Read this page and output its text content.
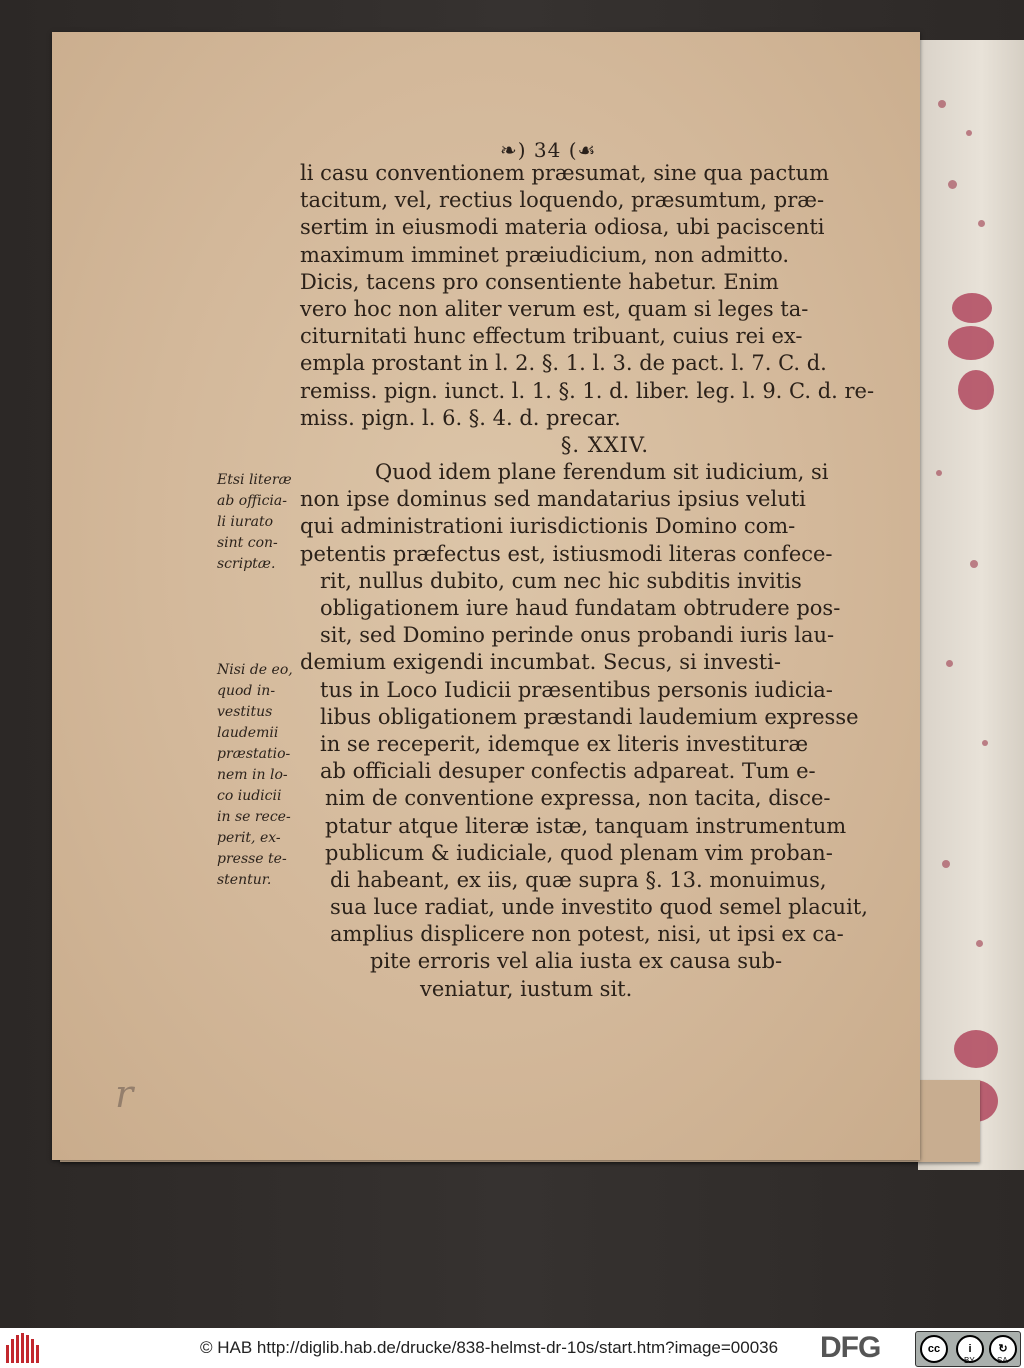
❧) 34 (☙
li casu conventionem præsumat, sine qua pactum
tacitum, vel, rectius loquendo, præsumtum, præ-
sertim in eiusmodi materia odiosa, ubi paciscenti
maximum imminet præiudicium, non admitto.
Dicis, tacens pro consentiente habetur. Enim
vero hoc non aliter verum est, quam si leges ta-
citurnitati hunc effectum tribuant, cuius rei ex-
empla prostant in l. 2. §. 1. l. 3. de pact. l. 7. C. d.
remiss. pign. iunct. l. 1. §. 1. d. liber. leg. l. 9. C. d. re-
miss. pign. l. 6. §. 4. d. precar.
§. XXIV.
Quod idem plane ferendum sit iudicium, si
non ipse dominus sed mandatarius ipsius veluti
qui administrationi iurisdictionis Domino com-
petentis præfectus est, istiusmodi literas confece-
rit, nullus dubito, cum nec hic subditis invitis
obligationem iure haud fundatam obtrudere pos-
sit, sed Domino perinde onus probandi iuris lau-
demium exigendi incumbat. Secus, si investi-
tus in Loco Iudicii præsentibus personis iudicia-
libus obligationem præstandi laudemium expresse
in se receperit, idemque ex literis investituræ
ab officiali desuper confectis adpareat. Tum e-
nim de conventione expressa, non tacita, disce-
ptatur atque literæ istæ, tanquam instrumentum
publicum & iudiciale, quod plenam vim proban-
di habeant, ex iis, quæ supra §. 13. monuimus,
sua luce radiat, unde investito quod semel placuit,
amplius displicere non potest, nisi, ut ipsi ex ca-
pite erroris vel alia iusta ex causa sub-
veniatur, iustum sit.
Etsi literæ
ab officia-
li iurato
sint con-
scriptæ.
Nisi de eo,
quod in-
vestitus
laudemii
præstatio-
nem in lo-
co iudicii
in se rece-
perit, ex-
presse te-
stentur.
r
© HAB http://diglib.hab.de/drucke/838-helmst-dr-10s/start.htm?image=00036 DFG	cc	i	↻
BY	SA
